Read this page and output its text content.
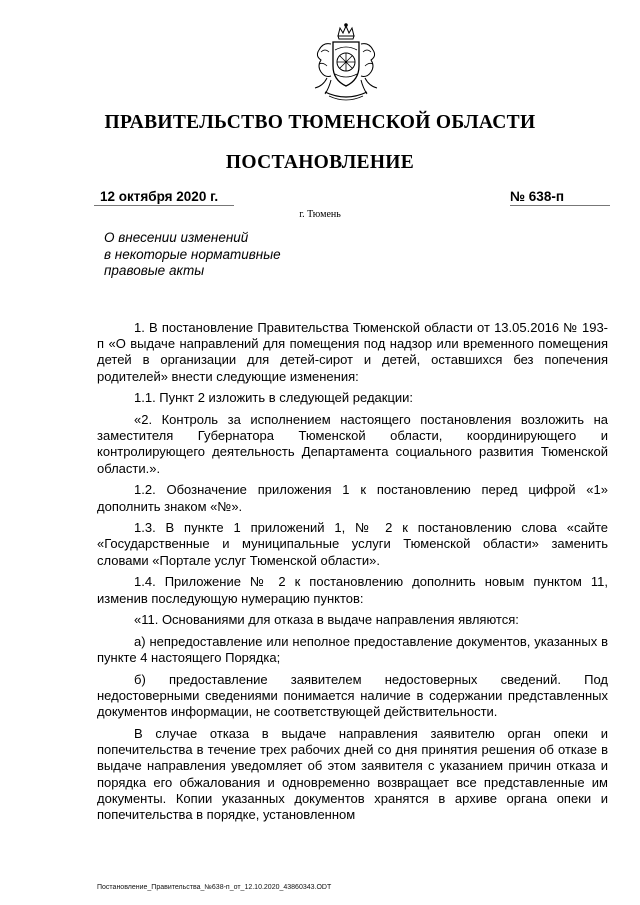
ПРАВИТЕЛЬСТВО ТЮМЕНСКОЙ ОБЛАСТИ
ПОСТАНОВЛЕНИЕ
12 октября 2020 г.	№ 638-п
г. Тюмень
О внесении изменений
в некоторые нормативные
правовые акты

1. В постановление Правительства Тюменской области от 13.05.2016 № 193-п «О выдаче направлений для помещения под надзор или временного помещения детей в организации для детей-сирот и детей, оставшихся без попечения родителей» внести следующие изменения:

1.1. Пункт 2 изложить в следующей редакции:

«2. Контроль за исполнением настоящего постановления возложить на заместителя Губернатора Тюменской области, координирующего и контролирующего деятельность Департамента социального развития Тюменской области.».

1.2. Обозначение приложения 1 к постановлению перед цифрой «1» дополнить знаком «№».

1.3. В пункте 1 приложений 1, № 2 к постановлению слова «сайте «Государственные и муниципальные услуги Тюменской области» заменить словами «Портале услуг Тюменской области».

1.4. Приложение № 2 к постановлению дополнить новым пунктом 11, изменив последующую нумерацию пунктов:

«11. Основаниями для отказа в выдаче направления являются:

а) непредоставление или неполное предоставление документов, указанных в пункте 4 настоящего Порядка;

б) предоставление заявителем недостоверных сведений. Под недостоверными сведениями понимается наличие в содержании представленных документов информации, не соответствующей действительности.

В случае отказа в выдаче направления заявителю орган опеки и попечительства в течение трех рабочих дней со дня принятия решения об отказе в выдаче направления уведомляет об этом заявителя с указанием причин отказа и порядка его обжалования и одновременно возвращает все представленные им документы. Копии указанных документов хранятся в архиве органа опеки и попечительства в порядке, установленном

Постановление_Правительства_№638-п_от_12.10.2020_43860343.ODT
